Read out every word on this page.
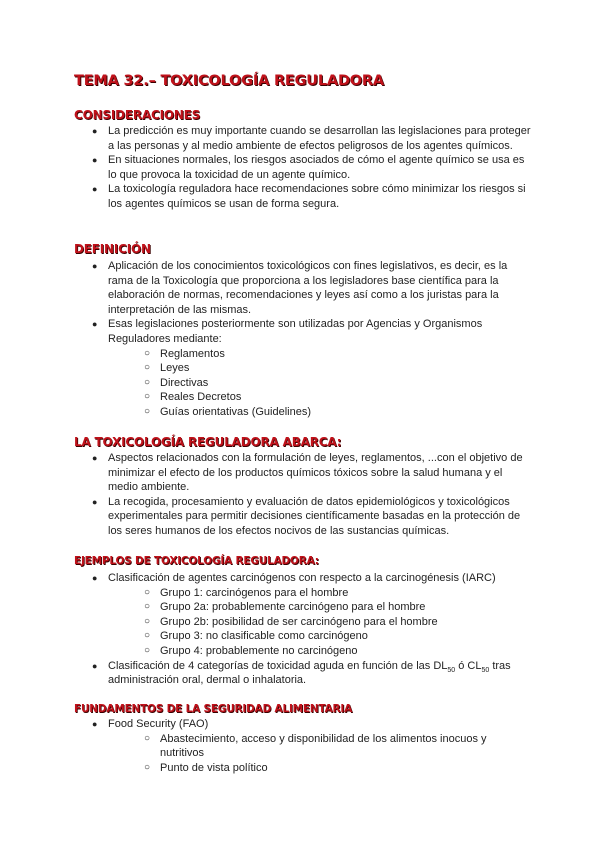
TEMA 32.– TOXICOLOGÍA REGULADORA
CONSIDERACIONES
● La predicción es muy importante cuando se desarrollan las legislaciones para proteger a las personas y al medio ambiente de efectos peligrosos de los agentes químicos.
● En situaciones normales, los riesgos asociados de cómo el agente químico se usa es lo que provoca la toxicidad de un agente químico.
● La toxicología reguladora hace recomendaciones sobre cómo minimizar los riesgos si los agentes químicos se usan de forma segura.
DEFINICIÓN
● Aplicación de los conocimientos toxicológicos con fines legislativos, es decir, es la rama de la Toxicología que proporciona a los legisladores base científica para la elaboración de normas, recomendaciones y leyes así como a los juristas para la interpretación de las mismas.
● Esas legislaciones posteriormente son utilizadas por Agencias y Organismos Reguladores mediante:
○ Reglamentos
○ Leyes
○ Directivas
○ Reales Decretos
○ Guías orientativas (Guidelines)
LA TOXICOLOGÍA REGULADORA ABARCA:
● Aspectos relacionados con la formulación de leyes, reglamentos, ...con el objetivo de minimizar el efecto de los productos químicos tóxicos sobre la salud humana y el medio ambiente.
● La recogida, procesamiento y evaluación de datos epidemiológicos y toxicológicos experimentales para permitir decisiones científicamente basadas en la protección de los seres humanos de los efectos nocivos de las sustancias químicas.
EJEMPLOS DE TOXICOLOGÍA REGULADORA:
● Clasificación de agentes carcinógenos con respecto a la carcinogénesis (IARC)
○ Grupo 1: carcinógenos para el hombre
○ Grupo 2a: probablemente carcinógeno para el hombre
○ Grupo 2b: posibilidad de ser carcinógeno para el hombre
○ Grupo 3: no clasificable como carcinógeno
○ Grupo 4: probablemente no carcinógeno
● Clasificación de 4 categorías de toxicidad aguda en función de las $DL_{50}$ ó $CL_{50}$ tras administración oral, dermal o inhalatoria.
FUNDAMENTOS DE LA SEGURIDAD ALIMENTARIA
● Food Security (FAO)
○ Abastecimiento, acceso y disponibilidad de los alimentos inocuos y nutritivos
○ Punto de vista político
